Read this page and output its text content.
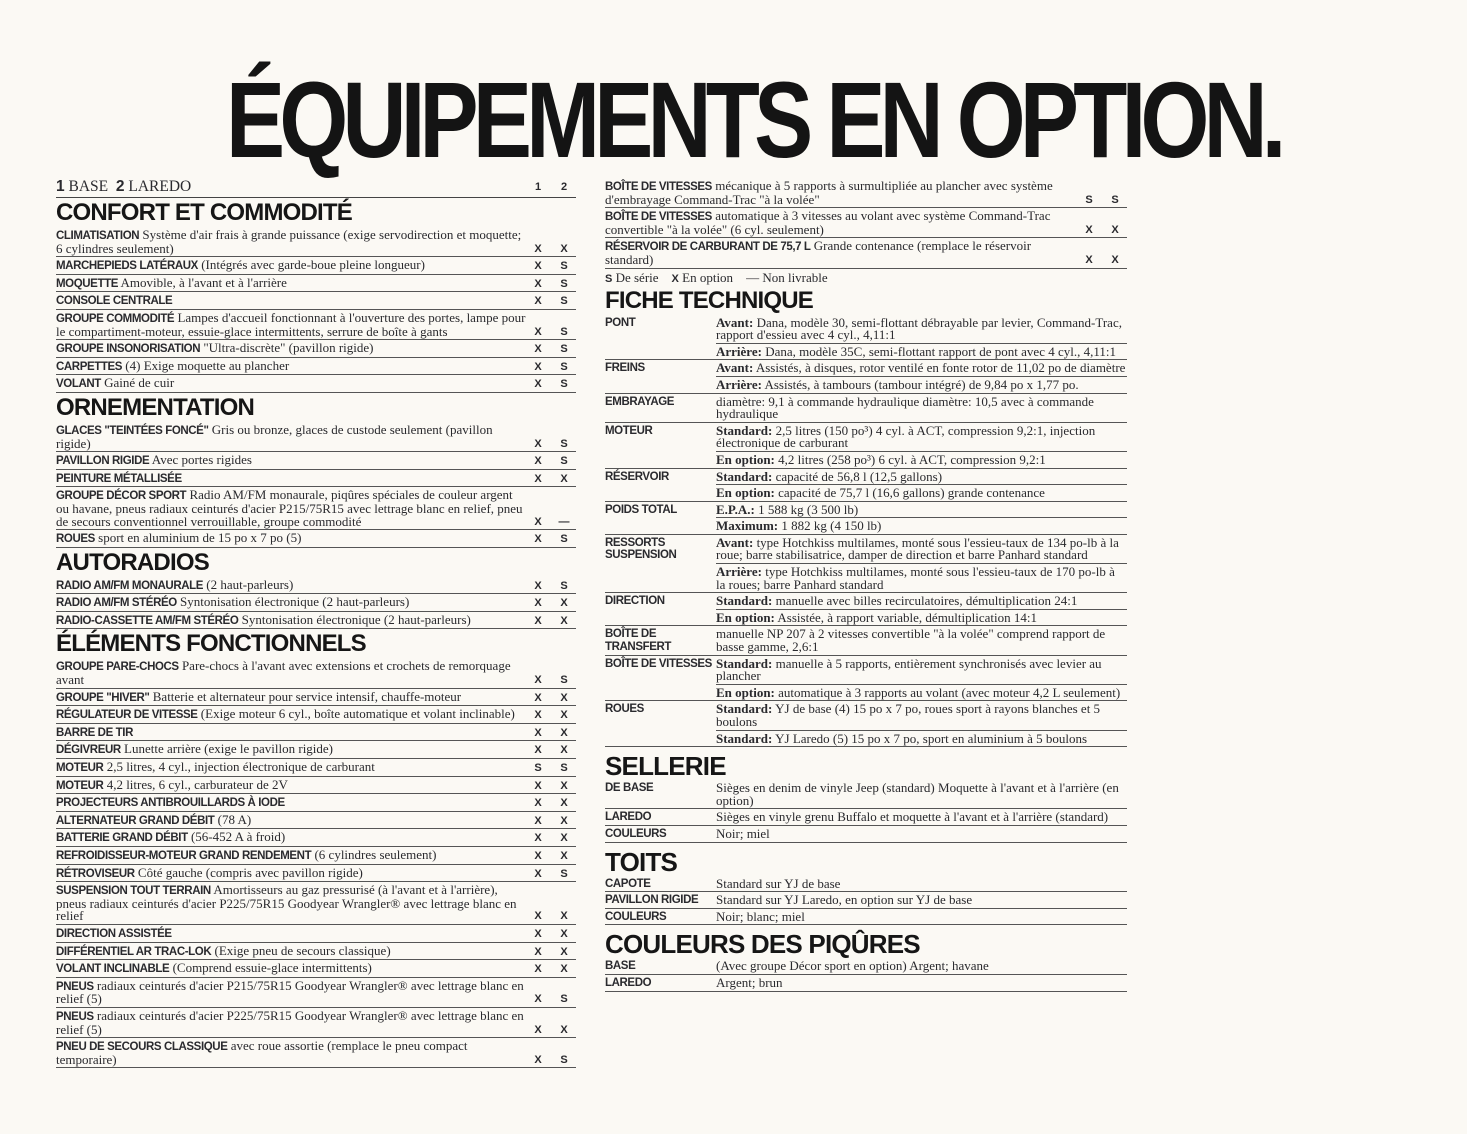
ÉQUIPEMENTS EN OPTION.
1 BASE 2 LAREDO	1	2
CONFORT ET COMMODITÉ
CLIMATISATION Système d'air frais à grande puissance (exige servodirection et moquette; 6 cylindres seulement)	X	X
MARCHEPIEDS LATÉRAUX (Intégrés avec garde-boue pleine longueur)	X	S
MOQUETTE Amovible, à l'avant et à l'arrière	X	S
CONSOLE CENTRALE	X	S
GROUPE COMMODITÉ Lampes d'accueil fonctionnant à l'ouverture des portes, lampe pour le compartiment-moteur, essuie-glace intermittents, serrure de boîte à gants	X	S
GROUPE INSONORISATION "Ultra-discrète" (pavillon rigide)	X	S
CARPETTES (4) Exige moquette au plancher	X	S
VOLANT Gainé de cuir	X	S
ORNEMENTATION
GLACES "TEINTÉES FONCÉ" Gris ou bronze, glaces de custode seulement (pavillon rigide)	X	S
PAVILLON RIGIDE Avec portes rigides	X	S
PEINTURE MÉTALLISÉE	X	X
GROUPE DÉCOR SPORT Radio AM/FM monaurale, piqûres spéciales de couleur argent ou havane, pneus radiaux ceinturés d'acier P215/75R15 avec lettrage blanc en relief, pneu de secours conventionnel verrouillable, groupe commodité	X	—
ROUES sport en aluminium de 15 po x 7 po (5)	X	S
AUTORADIOS
RADIO AM/FM MONAURALE (2 haut-parleurs)	X	S
RADIO AM/FM STÉRÉO Syntonisation électronique (2 haut-parleurs)	X	X
RADIO-CASSETTE AM/FM STÉRÉO Syntonisation électronique (2 haut-parleurs)	X	X
ÉLÉMENTS FONCTIONNELS
GROUPE PARE-CHOCS Pare-chocs à l'avant avec extensions et crochets de remorquage avant	X	S
GROUPE "HIVER" Batterie et alternateur pour service intensif, chauffe-moteur	X	X
RÉGULATEUR DE VITESSE (Exige moteur 6 cyl., boîte automatique et volant inclinable)	X	X
BARRE DE TIR	X	X
DÉGIVREUR Lunette arrière (exige le pavillon rigide)	X	X
MOTEUR 2,5 litres, 4 cyl., injection électronique de carburant	S	S
MOTEUR 4,2 litres, 6 cyl., carburateur de 2V	X	X
PROJECTEURS ANTIBROUILLARDS À IODE	X	X
ALTERNATEUR GRAND DÉBIT (78 A)	X	X
BATTERIE GRAND DÉBIT (56-452 A à froid)	X	X
REFROIDISSEUR-MOTEUR GRAND RENDEMENT (6 cylindres seulement)	X	X
RÉTROVISEUR Côté gauche (compris avec pavillon rigide)	X	S
SUSPENSION TOUT TERRAIN Amortisseurs au gaz pressurisé (à l'avant et à l'arrière), pneus radiaux ceinturés d'acier P225/75R15 Goodyear Wrangler® avec lettrage blanc en relief	X	X
DIRECTION ASSISTÉE	X	X
DIFFÉRENTIEL AR TRAC-LOK (Exige pneu de secours classique)	X	X
VOLANT INCLINABLE (Comprend essuie-glace intermittents)	X	X
PNEUS radiaux ceinturés d'acier P215/75R15 Goodyear Wrangler® avec lettrage blanc en relief (5)	X	S
PNEUS radiaux ceinturés d'acier P225/75R15 Goodyear Wrangler® avec lettrage blanc en relief (5)	X	X
PNEU DE SECOURS CLASSIQUE avec roue assortie (remplace le pneu compact temporaire)	X	S
BOÎTE DE VITESSES mécanique à 5 rapports à surmultipliée au plancher avec système d'embrayage Command-Trac "à la volée"	S	S
BOÎTE DE VITESSES automatique à 3 vitesses au volant avec système Command-Trac convertible "à la volée" (6 cyl. seulement)	X	X
RÉSERVOIR DE CARBURANT DE 75,7 L Grande contenance (remplace le réservoir standard)	X	X
S De série X En option — Non livrable
FICHE TECHNIQUE
PONT	Avant: Dana, modèle 30, semi-flottant débrayable par levier, Command-Trac, rapport d'essieu avec 4 cyl., 4,11:1
Arrière: Dana, modèle 35C, semi-flottant rapport de pont avec 4 cyl., 4,11:1
FREINS	Avant: Assistés, à disques, rotor ventilé en fonte rotor de 11,02 po de diamètre
Arrière: Assistés, à tambours (tambour intégré) de 9,84 po x 1,77 po.
EMBRAYAGE	diamètre: 9,1 à commande hydraulique diamètre: 10,5 avec à commande hydraulique
MOTEUR	Standard: 2,5 litres (150 po³) 4 cyl. à ACT, compression 9,2:1, injection électronique de carburant
En option: 4,2 litres (258 po³) 6 cyl. à ACT, compression 9,2:1
RÉSERVOIR	Standard: capacité de 56,8 l (12,5 gallons)
En option: capacité de 75,7 l (16,6 gallons) grande contenance
POIDS TOTAL	E.P.A.: 1 588 kg (3 500 lb)
Maximum: 1 882 kg (4 150 lb)
RESSORTS SUSPENSION
Avant: type Hotchkiss multilames, monté sous l'essieu-taux de 134 po-lb à la roue; barre stabilisatrice, damper de direction et barre Panhard standard
Arrière: type Hotchkiss multilames, monté sous l'essieu-taux de 170 po-lb à la roues; barre Panhard standard
DIRECTION	Standard: manuelle avec billes recirculatoires, démultiplication 24:1
En option: Assistée, à rapport variable, démultiplication 14:1
BOÎTE DE TRANSFERT
manuelle NP 207 à 2 vitesses convertible "à la volée" comprend rapport de basse gamme, 2,6:1
BOÎTE DE VITESSES Standard: manuelle à 5 rapports, entièrement synchronisés avec levier au plancher
En option: automatique à 3 rapports au volant (avec moteur 4,2 L seulement)
ROUES	Standard: YJ de base (4) 15 po x 7 po, roues sport à rayons blanches et 5 boulons
Standard: YJ Laredo (5) 15 po x 7 po, sport en aluminium à 5 boulons
SELLERIE
DE BASE	Sièges en denim de vinyle Jeep (standard) Moquette à l'avant et à l'arrière (en option)
LAREDO	Sièges en vinyle grenu Buffalo et moquette à l'avant et à l'arrière (standard)
COULEURS	Noir; miel
TOITS
CAPOTE	Standard sur YJ de base
PAVILLON RIGIDE	Standard sur YJ Laredo, en option sur YJ de base
COULEURS	Noir; blanc; miel
COULEURS DES PIQÛRES
BASE	(Avec groupe Décor sport en option) Argent; havane
LAREDO	Argent; brun
